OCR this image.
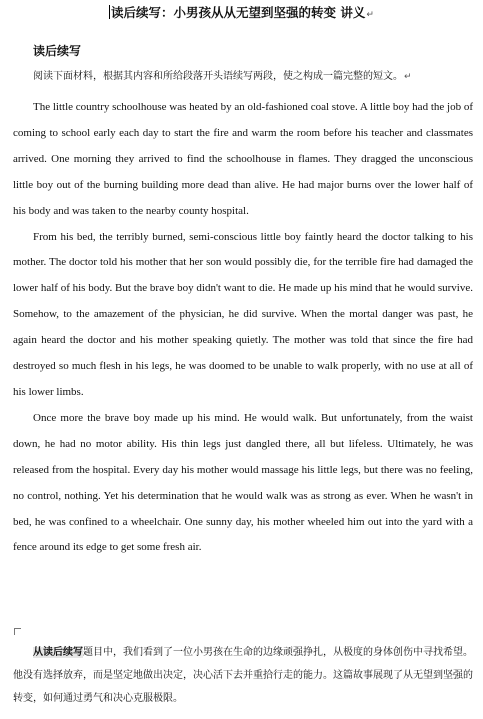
读后续写：小男孩从从无望到坚强的转变 讲义↵
读后续写
阅读下面材料，根据其内容和所给段落开头语续写两段，使之构成一篇完整的短文。↵

The little country schoolhouse was heated by an old-fashioned coal stove. A little boy had the job of coming to school early each day to start the fire and warm the room before his teacher and classmates arrived. One morning they arrived to find the schoolhouse in flames. They dragged the unconscious little boy out of the burning building more dead than alive. He had major burns over the lower half of his body and was taken to the nearby county hospital.

From his bed, the terribly burned, semi-conscious little boy faintly heard the doctor talking to his mother. The doctor told his mother that her son would possibly die, for the terrible fire had damaged the lower half of his body. But the brave boy didn't want to die. He made up his mind that he would survive. Somehow, to the amazement of the physician, he did survive. When the mortal danger was past, he again heard the doctor and his mother speaking quietly. The mother was told that since the fire had destroyed so much flesh in his legs, he was doomed to be unable to walk properly, with no use at all of his lower limbs.

Once more the brave boy made up his mind. He would walk. But unfortunately, from the waist down, he had no motor ability. His thin legs just dangled there, all but lifeless. Ultimately, he was released from the hospital. Every day his mother would massage his little legs, but there was no feeling, no control, nothing. Yet his determination that he would walk was as strong as ever. When he wasn't in bed, he was confined to a wheelchair. One sunny day, his mother wheeled him out into the yard with a fence around its edge to get some fresh air.

从读后续写题目中，我们看到了一位小男孩在生命的边缘顽强挣扎，从极度的身体创伤中寻找希望。他没有选择放弃，而是坚定地做出决定，决心活下去并重拾行走的能力。这篇故事展现了从无望到坚强的转变，如何通过勇气和决心克服极限。
